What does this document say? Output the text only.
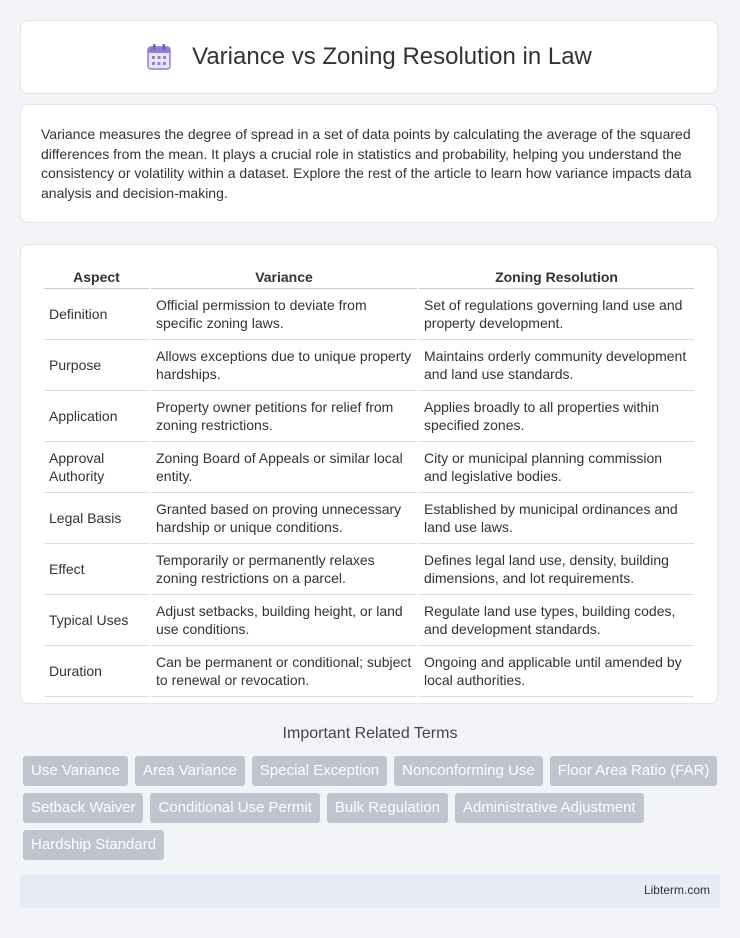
Variance vs Zoning Resolution in Law

Variance measures the degree of spread in a set of data points by calculating the average of the squared differences from the mean. It plays a crucial role in statistics and probability, helping you understand the consistency or volatility within a dataset. Explore the rest of the article to learn how variance impacts data analysis and decision-making.

Aspect	Variance	Zoning Resolution
Definition	Official permission to deviate from specific zoning laws.	Set of regulations governing land use and property development.
Purpose	Allows exceptions due to unique property hardships.	Maintains orderly community development and land use standards.
Application	Property owner petitions for relief from zoning restrictions.	Applies broadly to all properties within specified zones.
Approval Authority	Zoning Board of Appeals or similar local entity.	City or municipal planning commission and legislative bodies.
Legal Basis	Granted based on proving unnecessary hardship or unique conditions.	Established by municipal ordinances and land use laws.
Effect	Temporarily or permanently relaxes zoning restrictions on a parcel.	Defines legal land use, density, building dimensions, and lot requirements.
Typical Uses	Adjust setbacks, building height, or land use conditions.	Regulate land use types, building codes, and development standards.
Duration	Can be permanent or conditional; subject to renewal or revocation.	Ongoing and applicable until amended by local authorities.
Important Related Terms
Use Variance	Area Variance	Special Exception	Nonconforming Use	Floor Area Ratio (FAR)
Setback Waiver	Conditional Use Permit	Bulk Regulation	Administrative Adjustment
Hardship Standard
Libterm.com
